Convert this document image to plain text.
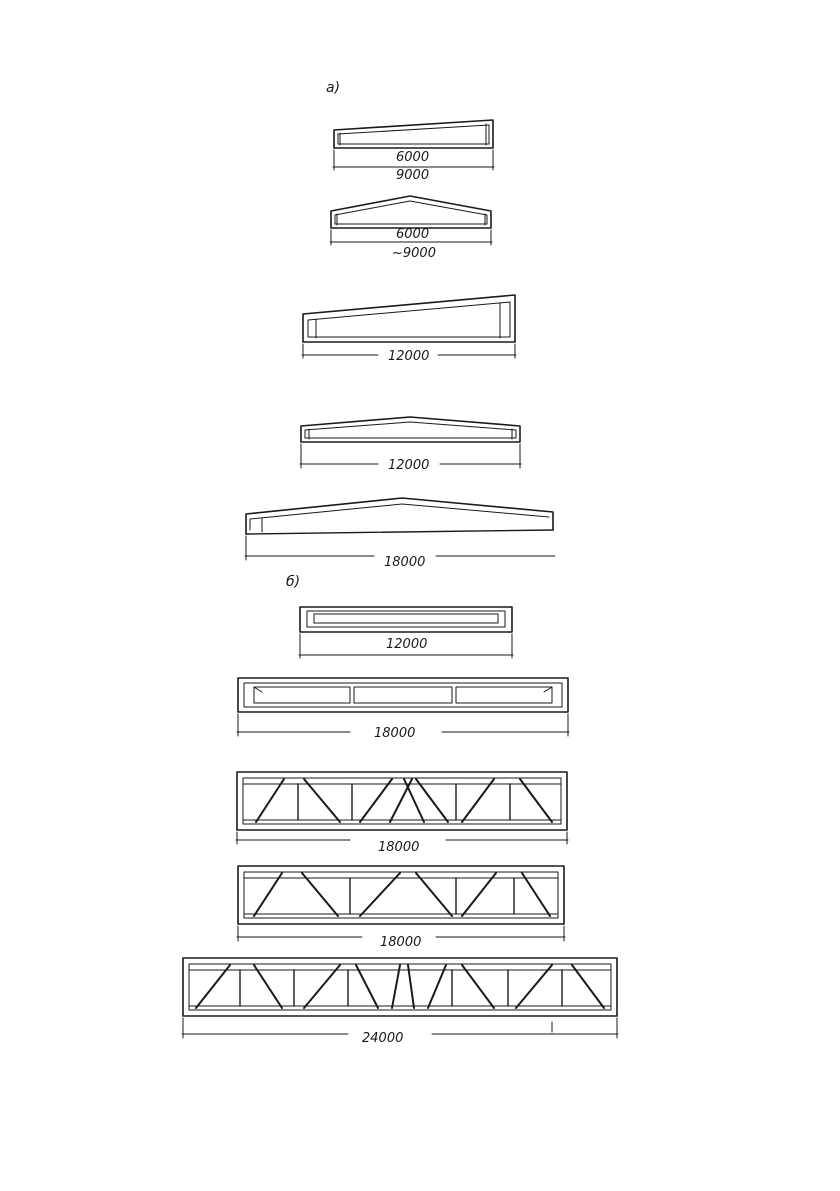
а)
б)
6000
9000
6000
~9000
12000
12000
18000
12000
18000
18000
18000
24000
